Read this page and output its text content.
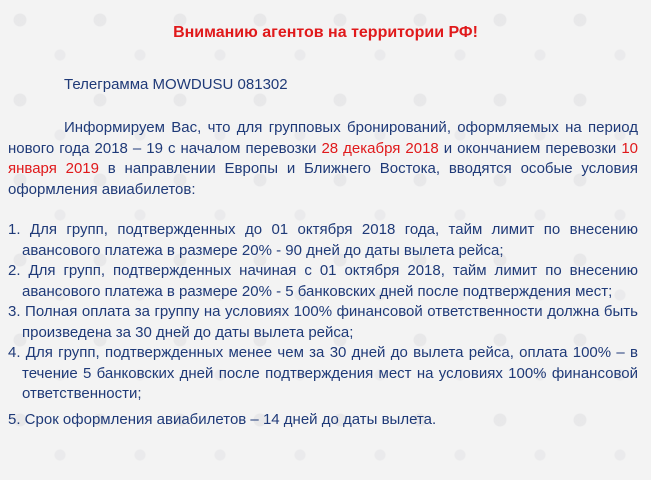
Вниманию агентов на территории РФ!

Телеграмма MOWDUSU 081302

Информируем Вас, что для групповых бронирований, оформляемых на период нового года 2018 – 19 с началом перевозки 28 декабря 2018 и окончанием перевозки 10 января 2019 в направлении Европы и Ближнего Востока, вводятся особые условия оформления авиабилетов:

1. Для групп, подтвержденных до 01 октября 2018 года, тайм лимит по внесению авансового платежа в размере 20% - 90 дней до даты вылета рейса;
2. Для групп, подтвержденных начиная с 01 октября 2018, тайм лимит по внесению авансового платежа в размере 20% - 5 банковских дней после подтверждения мест;
3. Полная оплата за группу на условиях 100% финансовой ответственности должна быть произведена за 30 дней до даты вылета рейса;
4. Для групп, подтвержденных менее чем за 30 дней до вылета рейса, оплата 100% – в течение 5 банковских дней после подтверждения мест на условиях 100% финансовой ответственности;
5. Срок оформления авиабилетов – 14 дней до даты вылета.
